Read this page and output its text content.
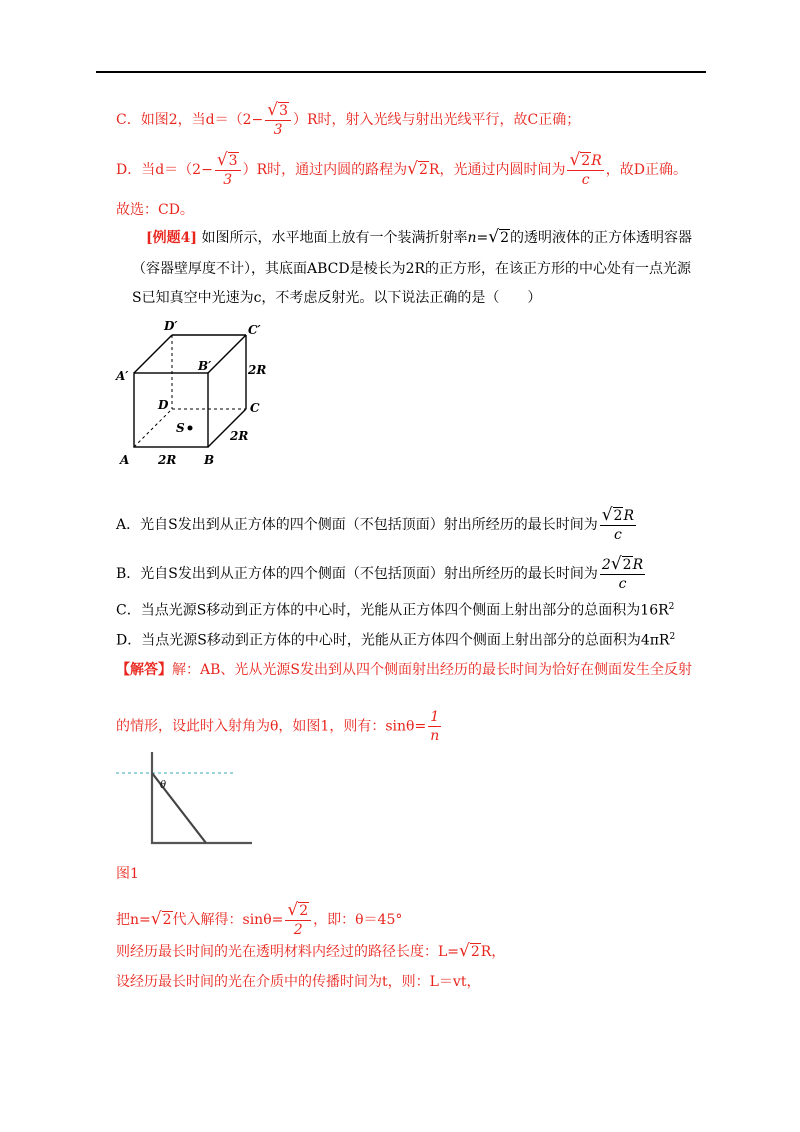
C．如图2，当$d=(2- \frac{√ 3}{3} )R$时，射入光线与射出光线平行，故C正确；
D．当$d=(2- \frac{√ 3}{3} )R$时，通过内圆的路程为 √ 2 R，光通过内圆时间为 $\frac{√ 2 R}{c}$ ，故D正确。
故选：CD。
[例题4] 如图所示，水平地面上放有一个装满折射率n= √ 2 的透明液体的正方体透明容器
（容器壁厚度不计），其底面ABCD是棱长为2R的正方形，在该正方形的中心处有一点光源
S已知真空中光速为c，不考虑反射光。以下说法正确的是（　　）
D′	C′
A′
B′
D	C
A	B
S
2R
2R
2R
A．光自S发出到从正方体的四个侧面（不包括顶面）射出所经历的最长时间为 $\frac{√ 2 R}{c}$
B．光自S发出到从正方体的四个侧面（不包括顶面）射出所经历的最长时间为 $\frac{2 √ 2 R}{c}$
C．当点光源S移动到正方体的中心时，光能从正方体四个侧面上射出部分的总面积为$16R^2$
D．当点光源S移动到正方体的中心时，光能从正方体四个侧面上射出部分的总面积为$4\pi R^2$
【解答】解：AB、光从光源S发出到从四个侧面射出经历的最长时间为恰好在侧面发生全反射
的情形，设此时入射角为θ，如图1，则有：$\sin\theta= \frac{1}{n}$
θ
图1
把n= √ 2 代入解得：$\sin\theta= \frac{√ 2}{2}$ ，即：θ＝45°
则经历最长时间的光在透明材料内经过的路径长度：L= √ 2 R，
设经历最长时间的光在介质中的传播时间为t，则：L＝vt，
